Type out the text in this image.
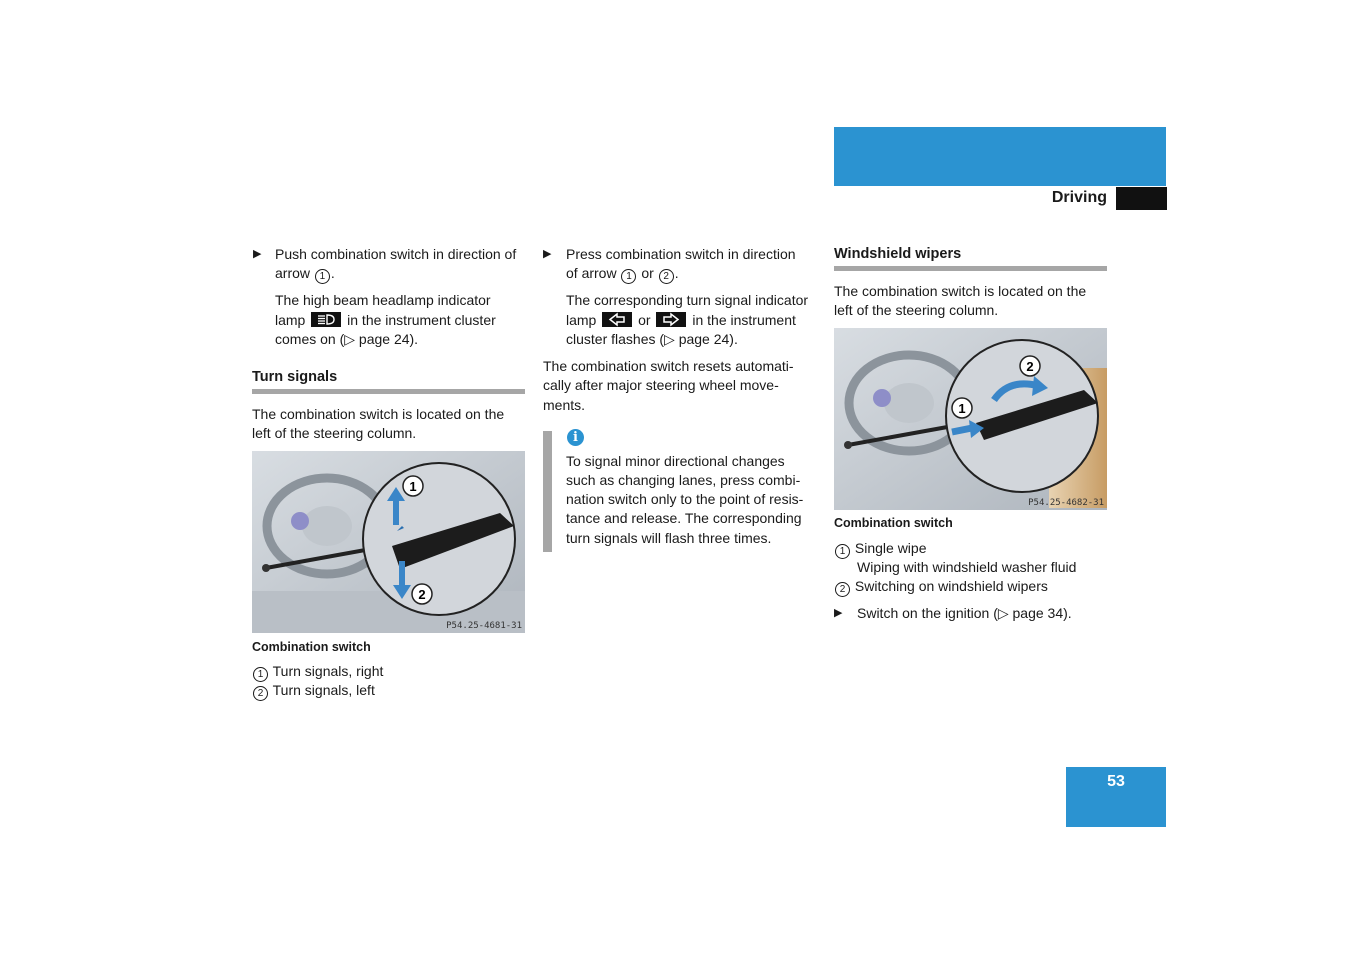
Getting started
Driving
▶ Push combination switch in direction of
arrow 1 .
The high beam headlamp indicator
lamp	in the instrument cluster
comes on (▷ page 24).
Turn signals
The combination switch is located on the
left of the steering column.
1
2
P54.25-4681-31
Combination switch
1 Turn signals, right
2 Turn signals, left
▶ Press combination switch in direction
of arrow 1 or 2 .
The corresponding turn signal indicator
lamp	or	in the instrument
cluster flashes (▷ page 24).
The combination switch resets automati-
cally after major steering wheel move-
ments.
i
To signal minor directional changes
such as changing lanes, press combi-
nation switch only to the point of resis-
tance and release. The corresponding
turn signals will flash three times.
Windshield wipers
The combination switch is located on the
left of the steering column.
1
2
P54.25-4682-31
Combination switch
1 Single wipe
Wiping with windshield washer fluid
2 Switching on windshield wipers
▶ Switch on the ignition (▷ page 34).
53
